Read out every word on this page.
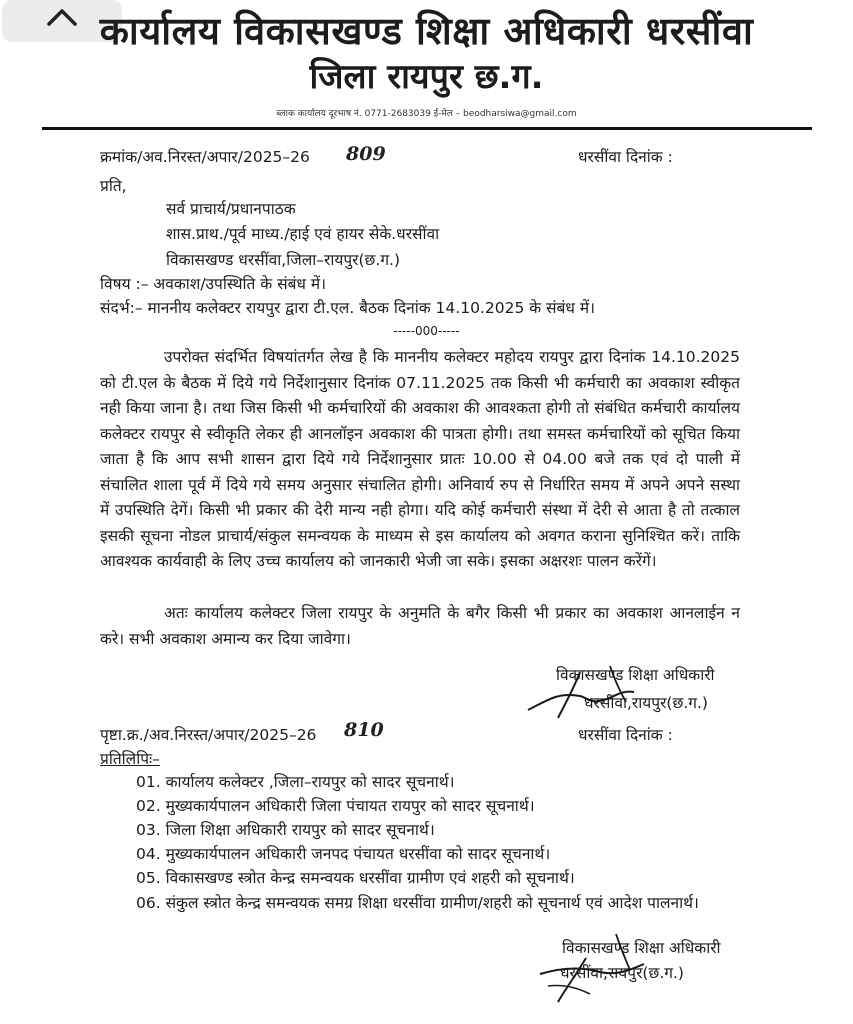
कार्यालय विकासखण्ड शिक्षा अधिकारी धरसींवा
जिला रायपुर छ.ग.
ब्लाक कार्यालय दूरभाष नं. 0771-2683039 ई-मेल – beodharsiwa@gmail.com
क्रमांक/अव.निरस्त/अपार/2025–26 809	धरसींवा दिनांक :
प्रति,
सर्व प्राचार्य/प्रधानपाठक
शास.प्राथ./पूर्व माध्य./हाई एवं हायर सेके.धरसींवा
विकासखण्ड धरसींवा,जिला–रायपुर(छ.ग.)
विषय :– अवकाश/उपस्थिति के संबंध में।
संदर्भ:– माननीय कलेक्टर रायपुर द्वारा टी.एल. बैठक दिनांक 14.10.2025 के संबंध में।
-----000-----
उपरोक्त संदर्भित विषयांतर्गत लेख है कि माननीय कलेक्टर महोदय रायपुर द्वारा दिनांक 14.10.2025 को टी.एल के बैठक में दिये गये निर्देशानुसार दिनांक 07.11.2025 तक किसी भी कर्मचारी का अवकाश स्वीकृत नही किया जाना है। तथा जिस किसी भी कर्मचारियों की अवकाश की आवश्कता होगी तो संबंधित कर्मचारी कार्यालय कलेक्टर रायपुर से स्वीकृति लेकर ही आनलॉइन अवकाश की पात्रता होगी। तथा समस्त कर्मचारियों को सूचित किया जाता है कि आप सभी शासन द्वारा दिये गये निर्देशानुसार प्रातः 10.00 से 04.00 बजे तक एवं दो पाली में संचालित शाला पूर्व में दिये गये समय अनुसार संचालित होगी। अनिवार्य रुप से निर्धारित समय में अपने अपने सस्था में उपस्थिति देगें। किसी भी प्रकार की देरी मान्य नही होगा। यदि कोई कर्मचारी संस्था में देरी से आता है तो तत्काल इसकी सूचना नोडल प्राचार्य/संकुल समन्वयक के माध्यम से इस कार्यालय को अवगत कराना सुनिश्चित करें। ताकि आवश्यक कार्यवाही के लिए उच्च कार्यालय को जानकारी भेजी जा सके। इसका अक्षरशः पालन करेंगें।
अतः कार्यालय कलेक्टर जिला रायपुर के अनुमति के बगैर किसी भी प्रकार का अवकाश आनलाईन न करे। सभी अवकाश अमान्य कर दिया जावेगा।
विकासखण्ड शिक्षा अधिकारी
धरसींवा,रायपुर(छ.ग.)
पृष्टा.क्र./अव.निरस्त/अपार/2025–26 810	धरसींवा दिनांक :
प्रतिलिपिः–
01. कार्यालय कलेक्टर ,जिला–रायपुर को सादर सूचनार्थ।
02. मुख्यकार्यपालन अधिकारी जिला पंचायत रायपुर को सादर सूचनार्थ।
03. जिला शिक्षा अधिकारी रायपुर को सादर सूचनार्थ।
04. मुख्यकार्यपालन अधिकारी जनपद पंचायत धरसींवा को सादर सूचनार्थ।
05. विकासखण्ड स्त्रोत केन्द्र समन्वयक धरसींवा ग्रामीण एवं शहरी को सूचनार्थ।
06. संकुल स्त्रोत केन्द्र समन्वयक समग्र शिक्षा धरसींवा ग्रामीण/शहरी को सूचनार्थ एवं आदेश पालनार्थ।
विकासखण्ड शिक्षा अधिकारी
धरसींवा,रायपुर(छ.ग.)
